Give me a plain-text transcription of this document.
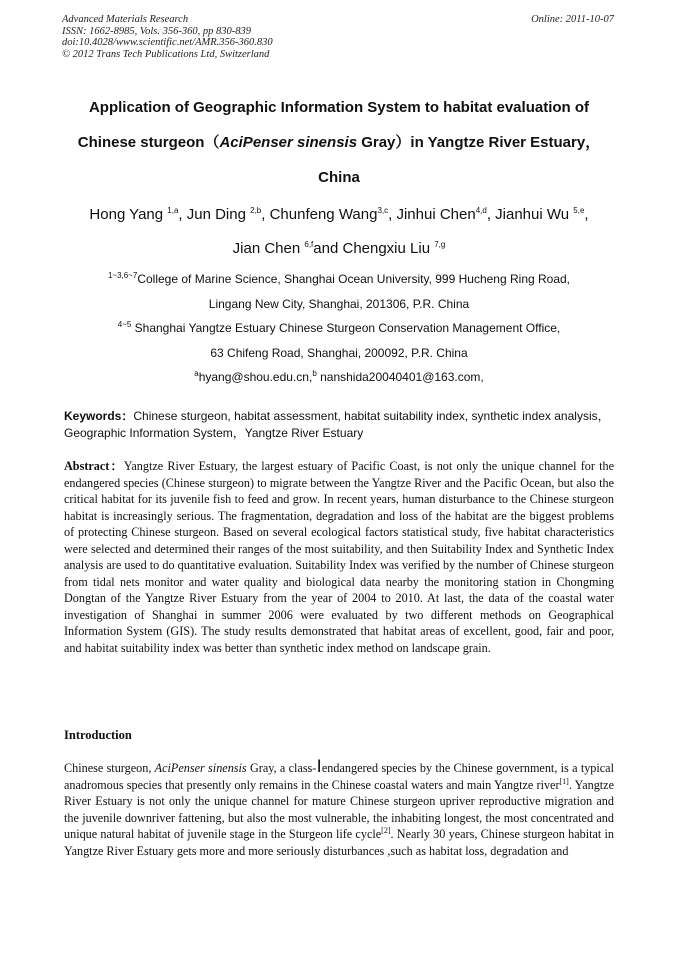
Advanced Materials Research
ISSN: 1662-8985, Vols. 356-360, pp 830-839
doi:10.4028/www.scientific.net/AMR.356-360.830
© 2012 Trans Tech Publications Ltd, Switzerland
Online: 2011-10-07
Application of Geographic Information System to habitat evaluation of
Chinese sturgeon（AciPenser sinensis Gray）in Yangtze River Estuary，
China
Hong Yang $^{1,a}$, Jun Ding $^{2,b}$, Chunfeng Wang$^{3,c}$, Jinhui Chen$^{4,d}$, Jianhui Wu $^{5,e}$,
Jian Chen $^{6,f}$and Chengxiu Liu $^{7,g}$
$^{1\sim 3,6\sim 7}$College of Marine Science, Shanghai Ocean University, 999 Hucheng Ring Road,
Lingang New City, Shanghai, 201306, P.R. China
$^{4\sim 5}$ Shanghai Yangtze Estuary Chinese Sturgeon Conservation Management Office,
63 Chifeng Road, Shanghai, 200092, P.R. China
$^a$hyang@shou.edu.cn,$^b$ nanshida20040401@163.com,
Keywords：Chinese sturgeon, habitat assessment, habitat suitability index, synthetic index analysis，Geographic Information System，Yangtze River Estuary
Abstract：Yangtze River Estuary, the largest estuary of Pacific Coast, is not only the unique channel for the endangered species (Chinese sturgeon) to migrate between the Yangtze River and the Pacific Ocean, but also the critical habitat for its juvenile fish to feed and grow. In recent years, human disturbance to the Chinese sturgeon habitat is increasingly serious. The fragmentation, degradation and loss of the habitat are the biggest problems of protecting Chinese sturgeon. Based on several ecological factors statistical study, five habitat characteristics were selected and determined their ranges of the most suitability, and then Suitability Index and Synthetic Index analysis are used to do quantitative evaluation. Suitability Index was verified by the number of Chinese sturgeon from tidal nets monitor and water quality and biological data nearby the monitoring station in Chongming Dongtan of the Yangtze River Estuary from the year of 2004 to 2010. At last, the data of the coastal water investigation of Shanghai in summer 2006 were evaluated by two different methods on Geographical Information System (GIS). The study results demonstrated that habitat areas of excellent, good, fair and poor, and habitat suitability index was better than synthetic index method on landscape grain.
Introduction
Chinese sturgeon, AciPenser sinensis Gray, a class-Ⅰendangered species by the Chinese government, is a typical anadromous species that presently only remains in the Chinese coastal waters and main Yangtze river[1]. Yangtze River Estuary is not only the unique channel for mature Chinese sturgeon upriver reproductive migration and the juvenile downriver fattening, but also the most vulnerable, the inhabiting longest, the most concentrated and unique natural habitat of juvenile stage in the Sturgeon life cycle[2]. Nearly 30 years, Chinese sturgeon habitat in Yangtze River Estuary gets more and more seriously disturbances ,such as habitat loss, degradation and
